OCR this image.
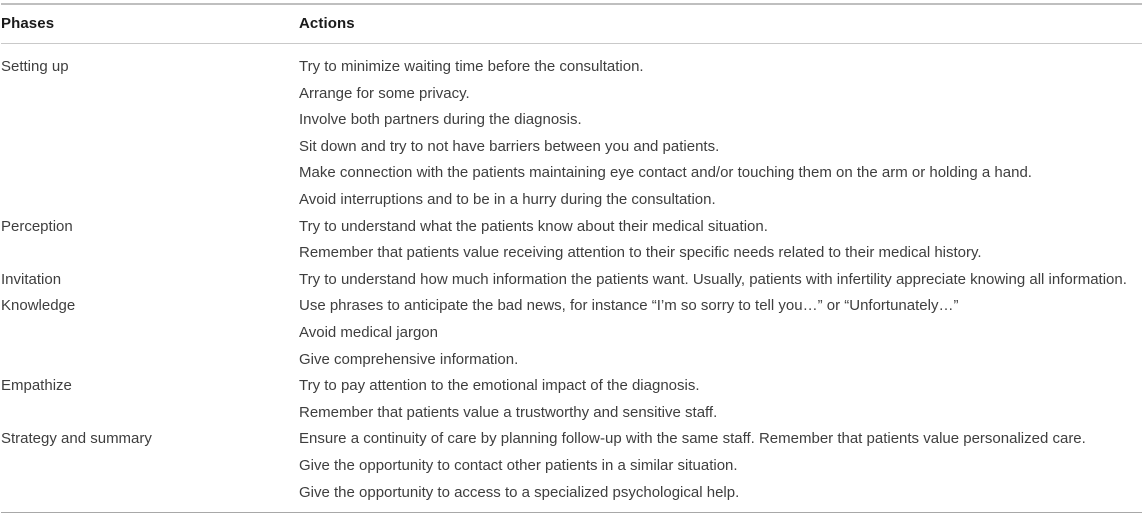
Phases	Actions
Setting up	Try to minimize waiting time before the consultation.
	Arrange for some privacy.
	Involve both partners during the diagnosis.
	Sit down and try to not have barriers between you and patients.
	Make connection with the patients maintaining eye contact and/or touching them on the arm or holding a hand.
	Avoid interruptions and to be in a hurry during the consultation.
Perception	Try to understand what the patients know about their medical situation.
	Remember that patients value receiving attention to their specific needs related to their medical history.
Invitation	Try to understand how much information the patients want. Usually, patients with infertility appreciate knowing all information.
Knowledge	Use phrases to anticipate the bad news, for instance “I’m so sorry to tell you…” or “Unfortunately…”
	Avoid medical jargon
	Give comprehensive information.
Empathize	Try to pay attention to the emotional impact of the diagnosis.
	Remember that patients value a trustworthy and sensitive staff.
Strategy and summary	Ensure a continuity of care by planning follow-up with the same staff. Remember that patients value personalized care.
	Give the opportunity to contact other patients in a similar situation.
	Give the opportunity to access to a specialized psychological help.
